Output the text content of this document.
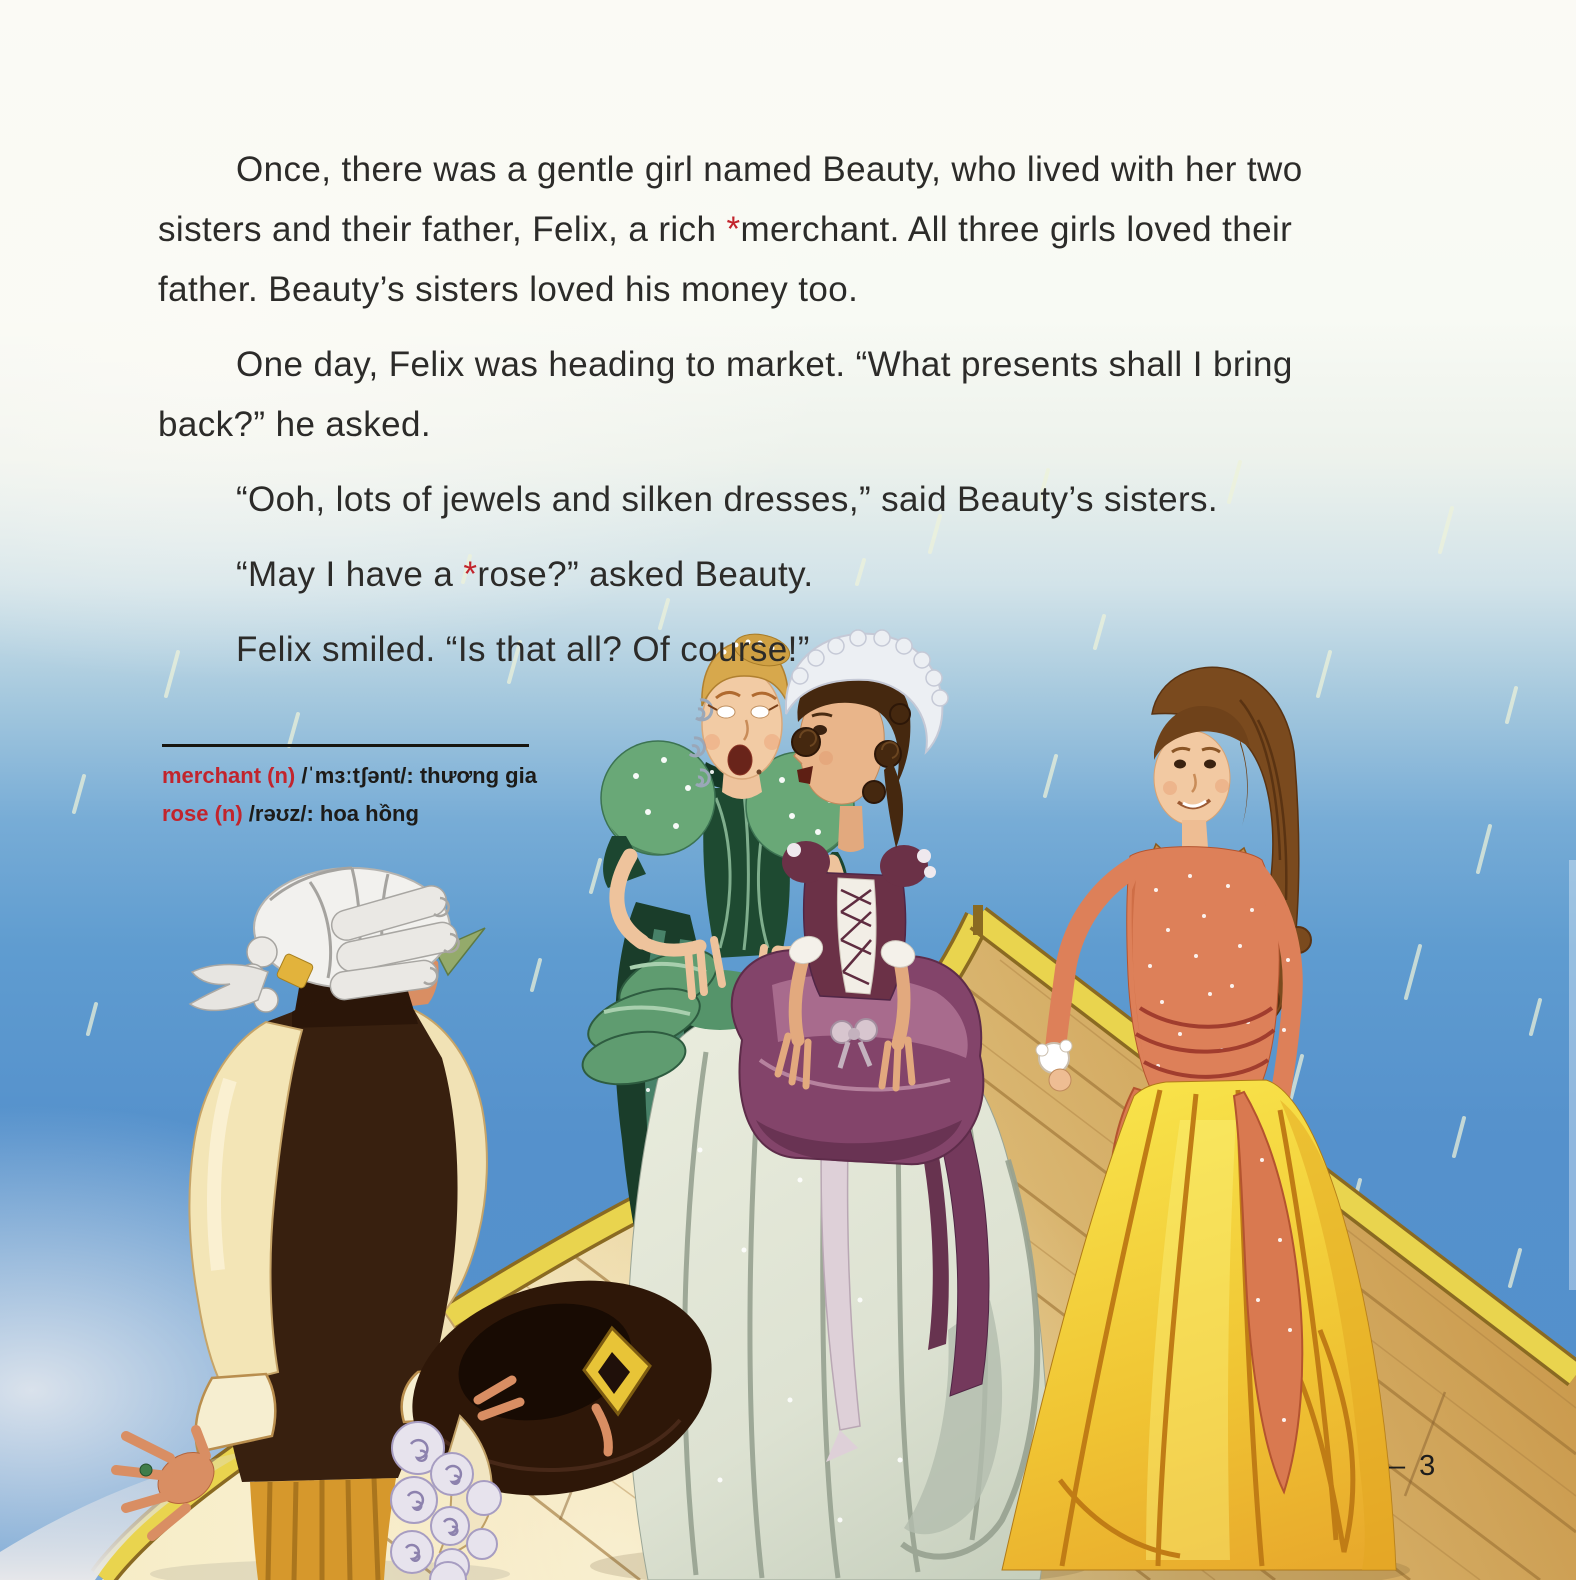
Once, there was a gentle girl named Beauty, who lived with her two
sisters and their father, Felix, a rich *merchant. All three girls loved their
father. Beauty’s sisters loved his money too.
One day, Felix was heading to market. “What presents shall I bring
back?” he asked.
“Ooh, lots of jewels and silken dresses,” said Beauty’s sisters.
“May I have a *rose?” asked Beauty.
Felix smiled. “Is that all? Of course!”
merchant (n) /ˈmɜːtʃənt/: thương gia
rose (n) /rəʊz/: hoa hồng
– 3
